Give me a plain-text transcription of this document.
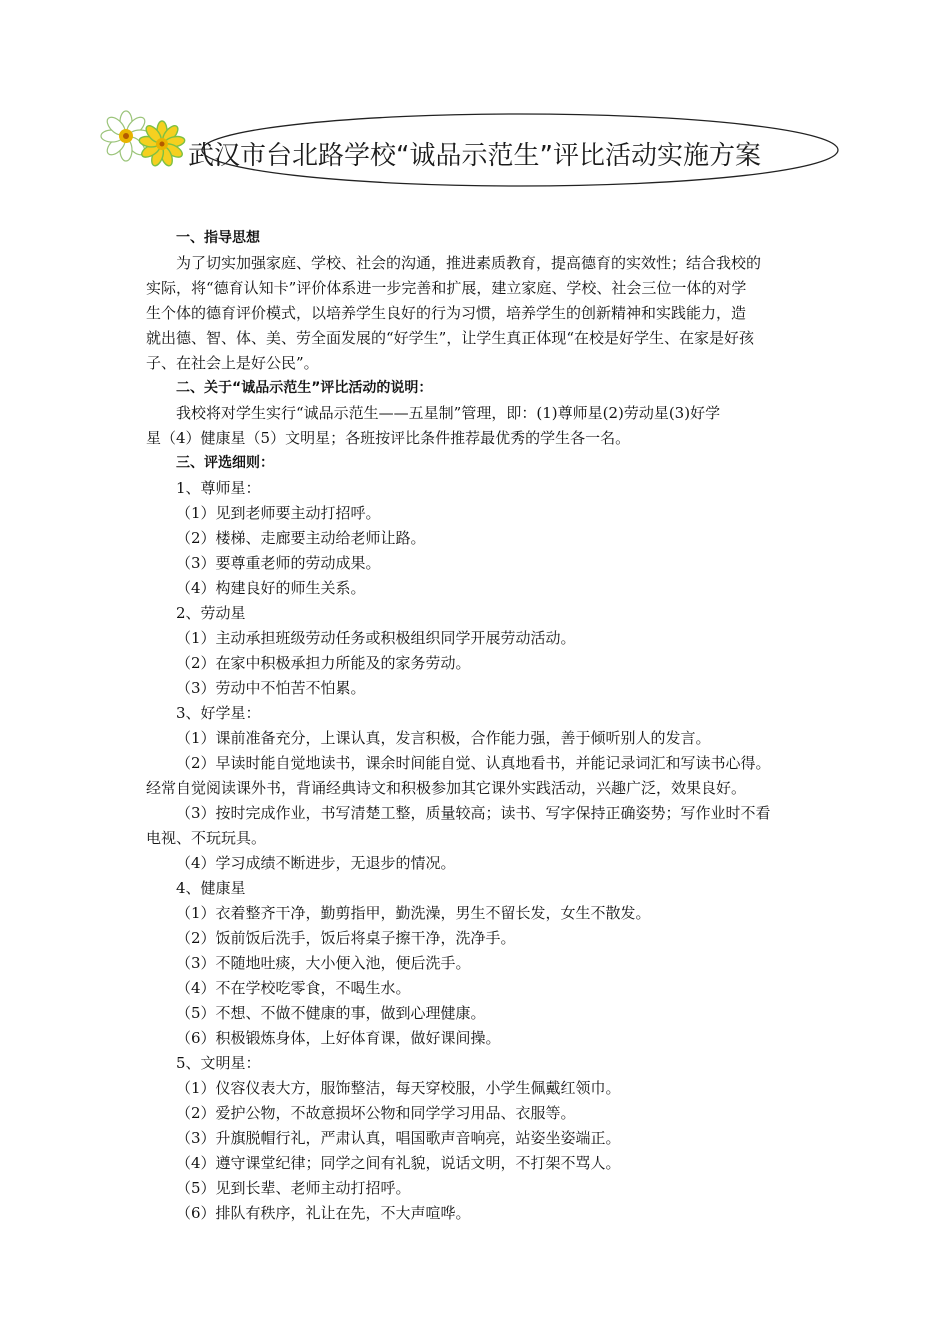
武汉市台北路学校“诚品示范生”评比活动实施方案
一、指导思想
为了切实加强家庭、学校、社会的沟通，推进素质教育，提高德育的实效性；结合我校的
实际，将“德育认知卡”评价体系进一步完善和扩展，建立家庭、学校、社会三位一体的对学
生个体的德育评价模式，以培养学生良好的行为习惯，培养学生的创新精神和实践能力，造
就出德、智、体、美、劳全面发展的“好学生”，让学生真正体现“在校是好学生、在家是好孩
子、在社会上是好公民”。
二、关于“诚品示范生”评比活动的说明：
我校将对学生实行“诚品示范生——五星制”管理，即：(1)尊师星(2)劳动星(3)好学
星（4）健康星（5）文明星；各班按评比条件推荐最优秀的学生各一名。
三、评选细则：
1、尊师星：
（1）见到老师要主动打招呼。
（2）楼梯、走廊要主动给老师让路。
（3）要尊重老师的劳动成果。
（4）构建良好的师生关系。
2、劳动星
（1）主动承担班级劳动任务或积极组织同学开展劳动活动。
（2）在家中积极承担力所能及的家务劳动。
（3）劳动中不怕苦不怕累。
3、好学星：
（1）课前准备充分，上课认真，发言积极，合作能力强，善于倾听别人的发言。
（2）早读时能自觉地读书，课余时间能自觉、认真地看书，并能记录词汇和写读书心得。
经常自觉阅读课外书，背诵经典诗文和积极参加其它课外实践活动，兴趣广泛，效果良好。
（3）按时完成作业，书写清楚工整，质量较高；读书、写字保持正确姿势；写作业时不看
电视、不玩玩具。
（4）学习成绩不断进步，无退步的情况。
4、健康星
（1）衣着整齐干净，勤剪指甲，勤洗澡，男生不留长发，女生不散发。
（2）饭前饭后洗手，饭后将桌子擦干净，洗净手。
（3）不随地吐痰，大小便入池，便后洗手。
（4）不在学校吃零食，不喝生水。
（5）不想、不做不健康的事，做到心理健康。
（6）积极锻炼身体，上好体育课，做好课间操。
5、文明星：
（1）仪容仪表大方，服饰整洁，每天穿校服，小学生佩戴红领巾。
（2）爱护公物，不故意损坏公物和同学学习用品、衣服等。
（3）升旗脱帽行礼，严肃认真，唱国歌声音响亮，站姿坐姿端正。
（4）遵守课堂纪律；同学之间有礼貌，说话文明，不打架不骂人。
（5）见到长辈、老师主动打招呼。
（6）排队有秩序，礼让在先，不大声喧哗。
